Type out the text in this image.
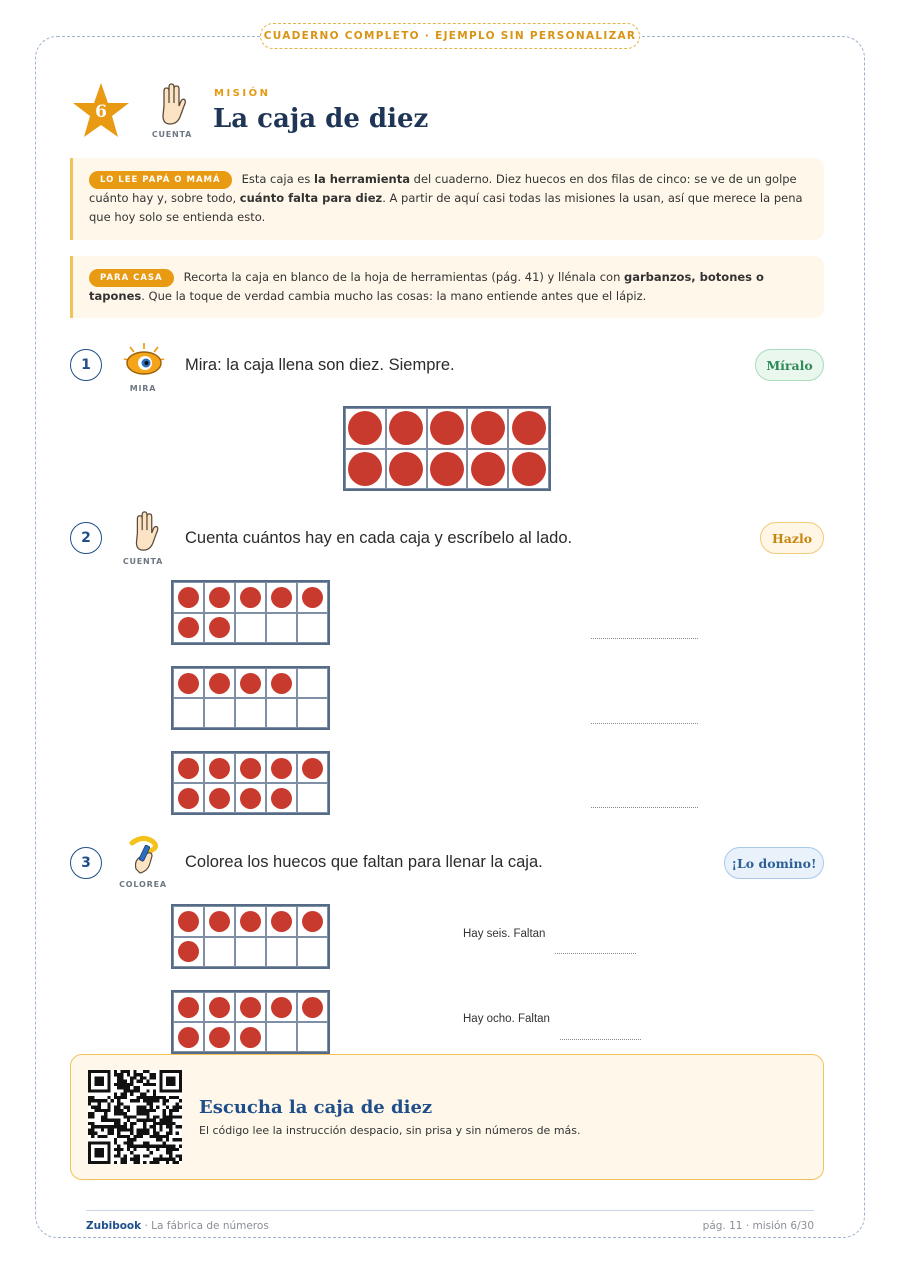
CUADERNO COMPLETO · EJEMPLO SIN PERSONALIZAR
6
CUENTA
MISIÓN
La caja de diez
LO LEE PAPÁ O MAMÁ Esta caja es la herramienta del cuaderno. Diez huecos en dos filas de cinco: se ve de un golpe cuánto hay y, sobre todo, cuánto falta para diez. A partir de aquí casi todas las misiones la usan, así que merece la pena que hoy solo se entienda esto.
PARA CASA Recorta la caja en blanco de la hoja de herramientas (pág. 41) y llénala con garbanzos, botones o tapones. Que la toque de verdad cambia mucho las cosas: la mano entiende antes que el lápiz.
1
MIRA
Mira: la caja llena son diez. Siempre.	Míralo
2
CUENTA
Cuenta cuántos hay en cada caja y escríbelo al lado.	Hazlo
3
COLOREA
Colorea los huecos que faltan para llenar la caja.	¡Lo domino!
Hay seis. Faltan
Hay ocho. Faltan
Escucha la caja de diez
El código lee la instrucción despacio, sin prisa y sin números de más.
Zubibook · La fábrica de números	pág. 11 · misión 6/30
